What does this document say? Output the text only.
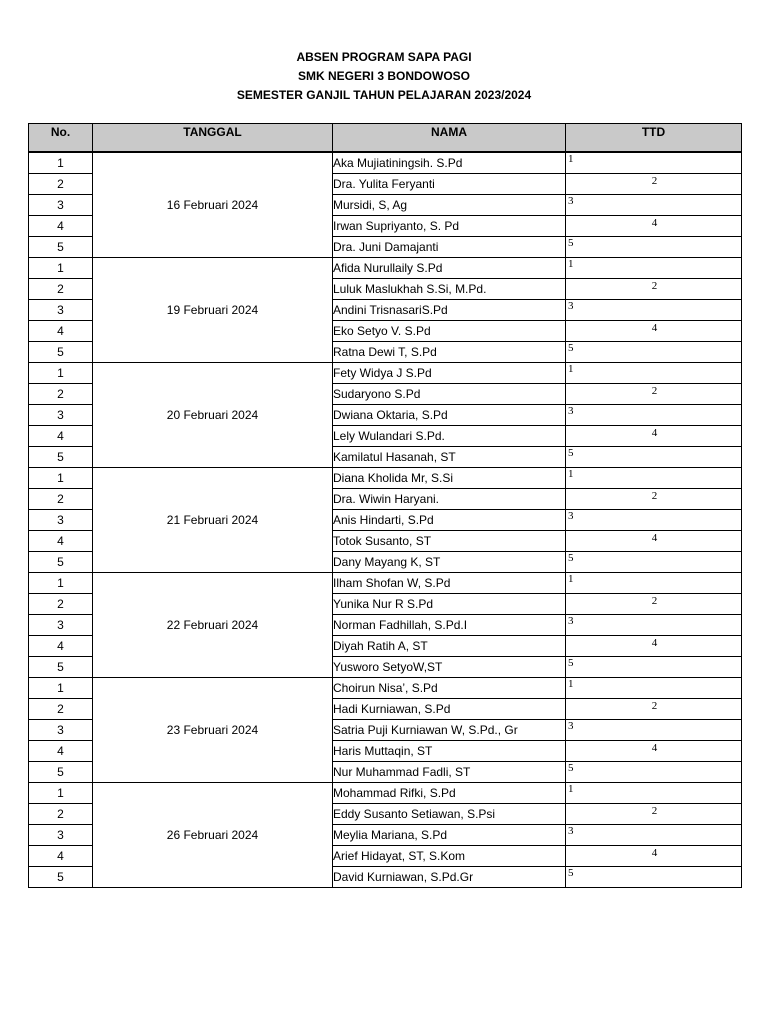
ABSEN PROGRAM SAPA PAGI
SMK NEGERI 3 BONDOWOSO
SEMESTER GANJIL TAHUN PELAJARAN 2023/2024
No.	TANGGAL	NAMA	TTD
1	16 Februari 2024	Aka Mujiatiningsih. S.Pd	1

2		Dra. Yulita Feryanti	2

3		Mursidi, S, Ag	3

4		Irwan Supriyanto, S. Pd	4

5		Dra. Juni Damajanti	5

1	19 Februari 2024	Afida Nurullaily S.Pd	1

2		Luluk Maslukhah S.Si, M.Pd.	2

3		Andini TrisnasariS.Pd	3

4		Eko Setyo V. S.Pd	4

5		Ratna Dewi T, S.Pd	5

1	20 Februari 2024	Fety Widya J S.Pd	1

2		Sudaryono S.Pd	2

3		Dwiana Oktaria, S.Pd	3

4		Lely Wulandari S.Pd.	4

5		Kamilatul Hasanah, ST	5

1	21 Februari 2024	Diana Kholida Mr, S.Si	1

2		Dra. Wiwin Haryani.	2

3		Anis Hindarti, S.Pd	3

4		Totok Susanto, ST	4

5		Dany Mayang K, ST	5

1	22 Februari 2024	Ilham Shofan W, S.Pd	1

2		Yunika Nur R S.Pd	2

3		Norman Fadhillah, S.Pd.I	3

4		Diyah Ratih A, ST	4

5		Yusworo SetyoW,ST	5

1	23 Februari 2024	Choirun Nisa’, S.Pd	1

2		Hadi Kurniawan, S.Pd	2

3		Satria Puji Kurniawan W, S.Pd., Gr	3

4		Haris Muttaqin, ST	4

5		Nur Muhammad Fadli, ST	5

1	26 Februari 2024	Mohammad Rifki, S.Pd	1

2		Eddy Susanto Setiawan, S.Psi	2

3		Meylia Mariana, S.Pd	3

4		Arief Hidayat, ST, S.Kom	4

5		David Kurniawan, S.Pd.Gr	5
